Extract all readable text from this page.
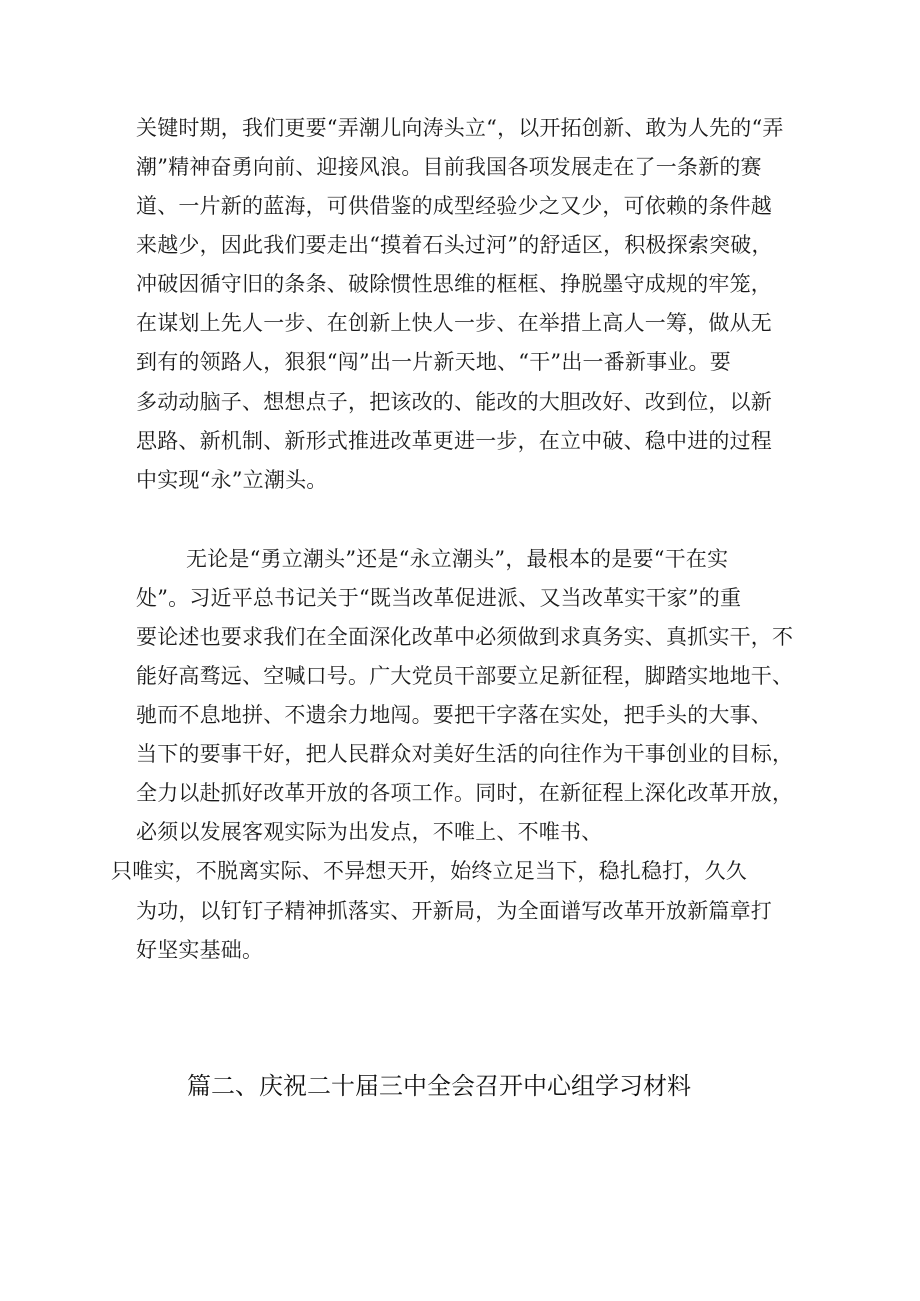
关键时期，我们更要“弄潮儿向涛头立“，以开拓创新、敢为人先的“弄
潮”精神奋勇向前、迎接风浪。目前我国各项发展走在了一条新的赛
道、一片新的蓝海，可供借鉴的成型经验少之又少，可依赖的条件越
来越少，因此我们要走出“摸着石头过河”的舒适区，积极探索突破，
冲破因循守旧的条条、破除惯性思维的框框、挣脱墨守成规的牢笼，
在谋划上先人一步、在创新上快人一步、在举措上高人一筹，做从无
到有的领路人，狠狠“闯”出一片新天地、“干”出一番新事业。要
多动动脑子、想想点子，把该改的、能改的大胆改好、改到位，以新
思路、新机制、新形式推进改革更进一步，在立中破、稳中进的过程
中实现“永”立潮头。
无论是“勇立潮头”还是“永立潮头”，最根本的是要“干在实
处”。习近平总书记关于“既当改革促进派、又当改革实干家”的重
要论述也要求我们在全面深化改革中必须做到求真务实、真抓实干，不
能好高骛远、空喊口号。广大党员干部要立足新征程，脚踏实地地干、
驰而不息地拼、不遗余力地闯。要把干字落在实处，把手头的大事、
当下的要事干好，把人民群众对美好生活的向往作为干事创业的目标，
全力以赴抓好改革开放的各项工作。同时，在新征程上深化改革开放，
必须以发展客观实际为出发点，不唯上、不唯书、
只唯实，不脱离实际、不异想天开，始终立足当下，稳扎稳打，久久
为功，以钉钉子精神抓落实、开新局，为全面谱写改革开放新篇章打
好坚实基础。
篇二、庆祝二十届三中全会召开中心组学习材料
